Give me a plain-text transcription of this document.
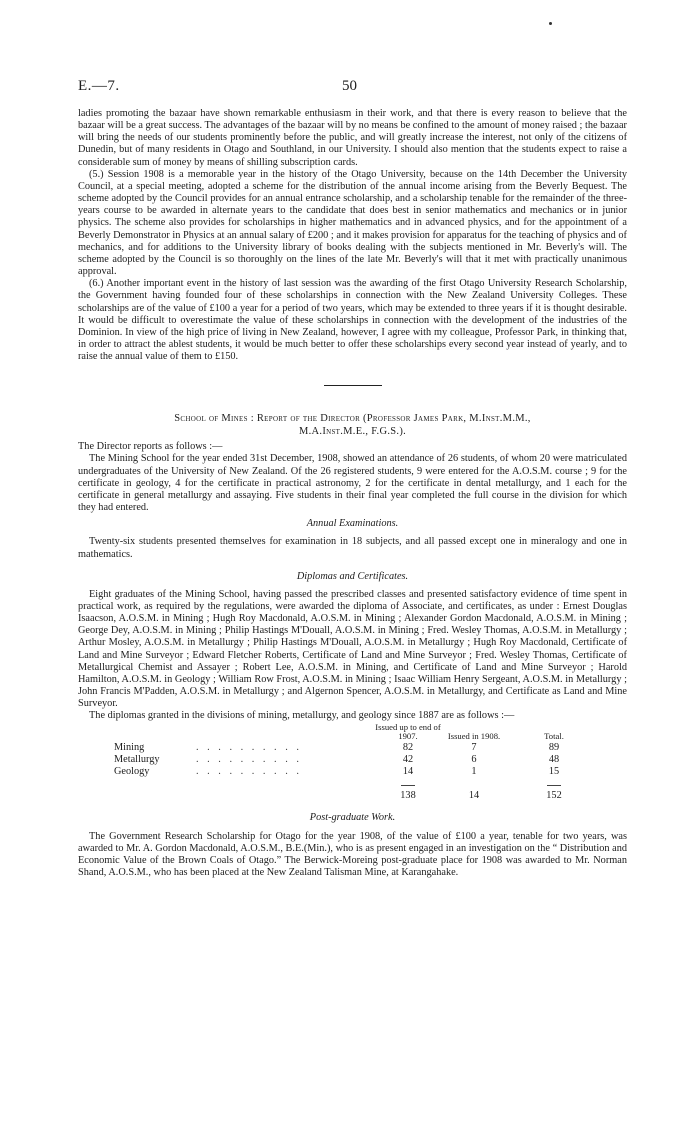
E.—7.	50

ladies promoting the bazaar have shown remarkable enthusiasm in their work, and that there is every reason to believe that the bazaar will be a great success. The advantages of the bazaar will by no means be confined to the amount of money raised ; the bazaar will bring the needs of our students prominently before the public, and will greatly increase the interest, not only of the citizens of Dunedin, but of many residents in Otago and Southland, in our University. I should also mention that the students expect to raise a considerable sum of money by means of shilling subscription cards.

(5.) Session 1908 is a memorable year in the history of the Otago University, because on the 14th December the University Council, at a special meeting, adopted a scheme for the distribution of the annual income arising from the Beverly Bequest. The scheme adopted by the Council provides for an annual entrance scholarship, and a scholarship tenable for the remainder of the three-years course to be awarded in alternate years to the candidate that does best in senior mathematics and mechanics or in junior physics. The scheme also provides for scholarships in higher mathematics and in advanced physics, and for the appointment of a Beverly Demonstrator in Physics at an annual salary of £200 ; and it makes provision for apparatus for the teaching of physics and of mechanics, and for additions to the University library of books dealing with the subjects mentioned in Mr. Beverly's will. The scheme adopted by the Council is so thoroughly on the lines of the late Mr. Beverly's will that it met with practically unanimous approval.

(6.) Another important event in the history of last session was the awarding of the first Otago University Research Scholarship, the Government having founded four of these scholarships in connection with the New Zealand University Colleges. These scholarships are of the value of £100 a year for a period of two years, which may be extended to three years if it is thought desirable. It would be difficult to overestimate the value of these scholarships in connection with the development of the industries of the Dominion. In view of the high price of living in New Zealand, however, I agree with my colleague, Professor Park, in thinking that, in order to attract the ablest students, it would be much better to offer these scholarships every second year instead of yearly, and to raise the annual value of them to £150.

School of Mines : Report of the Director (Professor James Park, M.Inst.M.M.,
M.A.Inst.M.E., F.G.S.).

The Director reports as follows :—

The Mining School for the year ended 31st December, 1908, showed an attendance of 26 students, of whom 20 were matriculated undergraduates of the University of New Zealand. Of the 26 registered students, 9 were entered for the A.O.S.M. course ; 9 for the certificate in geology, 4 for the certificate in practical astronomy, 2 for the certificate in dental metallurgy, and 1 each for the certificate in general metallurgy and assaying. Five students in their final year completed the full course in the division for which they had entered.

Annual Examinations.

Twenty-six students presented themselves for examination in 18 subjects, and all passed except one in mineralogy and one in mathematics.

Diplomas and Certificates.

Eight graduates of the Mining School, having passed the prescribed classes and presented satisfactory evidence of time spent in practical work, as required by the regulations, were awarded the diploma of Associate, and certificates, as under : Ernest Douglas Isaacson, A.O.S.M. in Mining ; Hugh Roy Macdonald, A.O.S.M. in Mining ; Alexander Gordon Macdonald, A.O.S.M. in Mining ; George Dey, A.O.S.M. in Mining ; Philip Hastings M'Douall, A.O.S.M. in Mining ; Fred. Wesley Thomas, A.O.S.M. in Metallurgy ; Arthur Mosley, A.O.S.M. in Metallurgy ; Philip Hastings M'Douall, A.O.S.M. in Metallurgy ; Hugh Roy Macdonald, Certificate of Land and Mine Surveyor ; Edward Fletcher Roberts, Certificate of Land and Mine Surveyor ; Fred. Wesley Thomas, Certificate of Metallurgical Chemist and Assayer ; Robert Lee, A.O.S.M. in Mining, and Certificate of Land and Mine Surveyor ; Harold Hamilton, A.O.S.M. in Geology ; William Row Frost, A.O.S.M. in Mining ; Isaac William Henry Sergeant, A.O.S.M. in Metallurgy ; John Francis M'Padden, A.O.S.M. in Metallurgy ; and Algernon Spencer, A.O.S.M. in Metallurgy, and Certificate as Land and Mine Surveyor.

The diplomas granted in the divisions of mining, metallurgy, and geology since 1887 are as follows :—

		Issued up to end of 1907.	Issued in 1908.	Total.
Mining	. . . . . . . . . .	82	7	89
Metallurgy	. . . . . . . . . .	42	6	48
Geology	. . . . . . . . . .	14	1	15

		138	14	152
Post-graduate Work.

The Government Research Scholarship for Otago for the year 1908, of the value of £100 a year, tenable for two years, was awarded to Mr. A. Gordon Macdonald, A.O.S.M., B.E.(Min.), who is as present engaged in an investigation on the “ Distribution and Economic Value of the Brown Coals of Otago.” The Berwick-Moreing post-graduate place for 1908 was awarded to Mr. Norman Shand, A.O.S.M., who has been placed at the New Zealand Talisman Mine, at Karangahake.
